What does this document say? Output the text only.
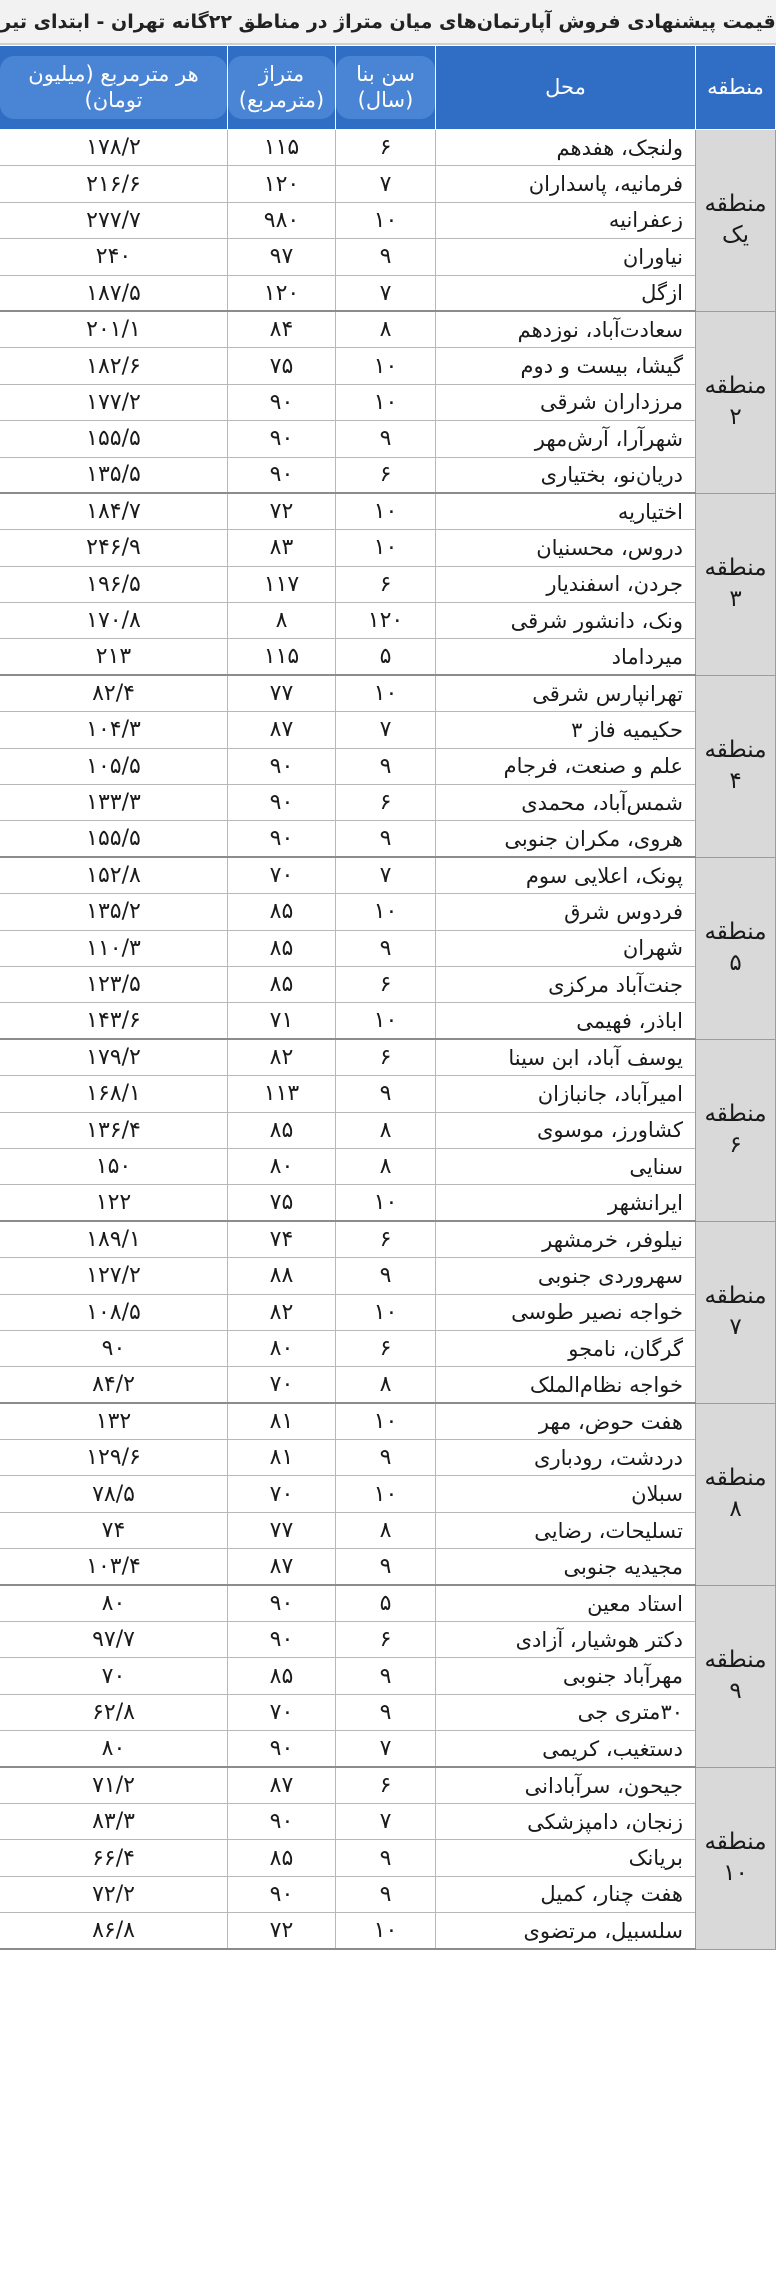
قیمت پیشنهادی فروش آپارتمان‌های میان متراژ در مناطق ۲۲گانه تهران - ابتدای تیر
منطقه	محل	سن بنا (سال)	متراژ (مترمربع)	هر مترمربع (میلیون تومان)
منطقه یک	ولنجک، هفدهم	۶	۱۱۵	۱۷۸/۲
	فرمانیه، پاسداران	۷	۱۲۰	۲۱۶/۶
	زعفرانیه	۱۰	۹۸۰	۲۷۷/۷
	نیاوران	۹	۹۷	۲۴۰
	ازگل	۷	۱۲۰	۱۸۷/۵
منطقه ۲	سعادت‌آباد، نوزدهم	۸	۸۴	۲۰۱/۱
	گیشا، بیست و دوم	۱۰	۷۵	۱۸۲/۶
	مرزداران شرقی	۱۰	۹۰	۱۷۷/۲
	شهرآرا، آرش‌مهر	۹	۹۰	۱۵۵/۵
	دریان‌نو، بختیاری	۶	۹۰	۱۳۵/۵
منطقه ۳	اختیاریه	۱۰	۷۲	۱۸۴/۷
	دروس، محسنیان	۱۰	۸۳	۲۴۶/۹
	جردن، اسفندیار	۶	۱۱۷	۱۹۶/۵
	ونک، دانشور شرقی	۱۲۰	۸	۱۷۰/۸
	میرداماد	۵	۱۱۵	۲۱۳
منطقه ۴	تهرانپارس شرقی	۱۰	۷۷	۸۲/۴
	حکیمیه فاز ۳	۷	۸۷	۱۰۴/۳
	علم و صنعت، فرجام	۹	۹۰	۱۰۵/۵
	شمس‌آباد، محمدی	۶	۹۰	۱۳۳/۳
	هروی، مکران جنوبی	۹	۹۰	۱۵۵/۵
منطقه ۵	پونک، اعلایی سوم	۷	۷۰	۱۵۲/۸
	فردوس شرق	۱۰	۸۵	۱۳۵/۲
	شهران	۹	۸۵	۱۱۰/۳
	جنت‌آباد مرکزی	۶	۸۵	۱۲۳/۵
	اباذر، فهیمی	۱۰	۷۱	۱۴۳/۶
منطقه ۶	یوسف آباد، ابن سینا	۶	۸۲	۱۷۹/۲
	امیرآباد، جانبازان	۹	۱۱۳	۱۶۸/۱
	کشاورز، موسوی	۸	۸۵	۱۳۶/۴
	سنایی	۸	۸۰	۱۵۰
	ایرانشهر	۱۰	۷۵	۱۲۲
منطقه ۷	نیلوفر، خرمشهر	۶	۷۴	۱۸۹/۱
	سهروردی جنوبی	۹	۸۸	۱۲۷/۲
	خواجه نصیر طوسی	۱۰	۸۲	۱۰۸/۵
	گرگان، نامجو	۶	۸۰	۹۰
	خواجه نظام‌الملک	۸	۷۰	۸۴/۲
منطقه ۸	هفت حوض، مهر	۱۰	۸۱	۱۳۲
	دردشت، رودباری	۹	۸۱	۱۲۹/۶
	سبلان	۱۰	۷۰	۷۸/۵
	تسلیحات، رضایی	۸	۷۷	۷۴
	مجیدیه جنوبی	۹	۸۷	۱۰۳/۴
منطقه ۹	استاد معین	۵	۹۰	۸۰
	دکتر هوشیار، آزادی	۶	۹۰	۹۷/۷
	مهرآباد جنوبی	۹	۸۵	۷۰
	۳۰متری جی	۹	۷۰	۶۲/۸
	دستغیب، کریمی	۷	۹۰	۸۰
منطقه ۱۰	جیحون، سرآبادانی	۶	۸۷	۷۱/۲
	زنجان، دامپزشکی	۷	۹۰	۸۳/۳
	بریانک	۹	۸۵	۶۶/۴
	هفت چنار، کمیل	۹	۹۰	۷۲/۲
	سلسبیل، مرتضوی	۱۰	۷۲	۸۶/۸
